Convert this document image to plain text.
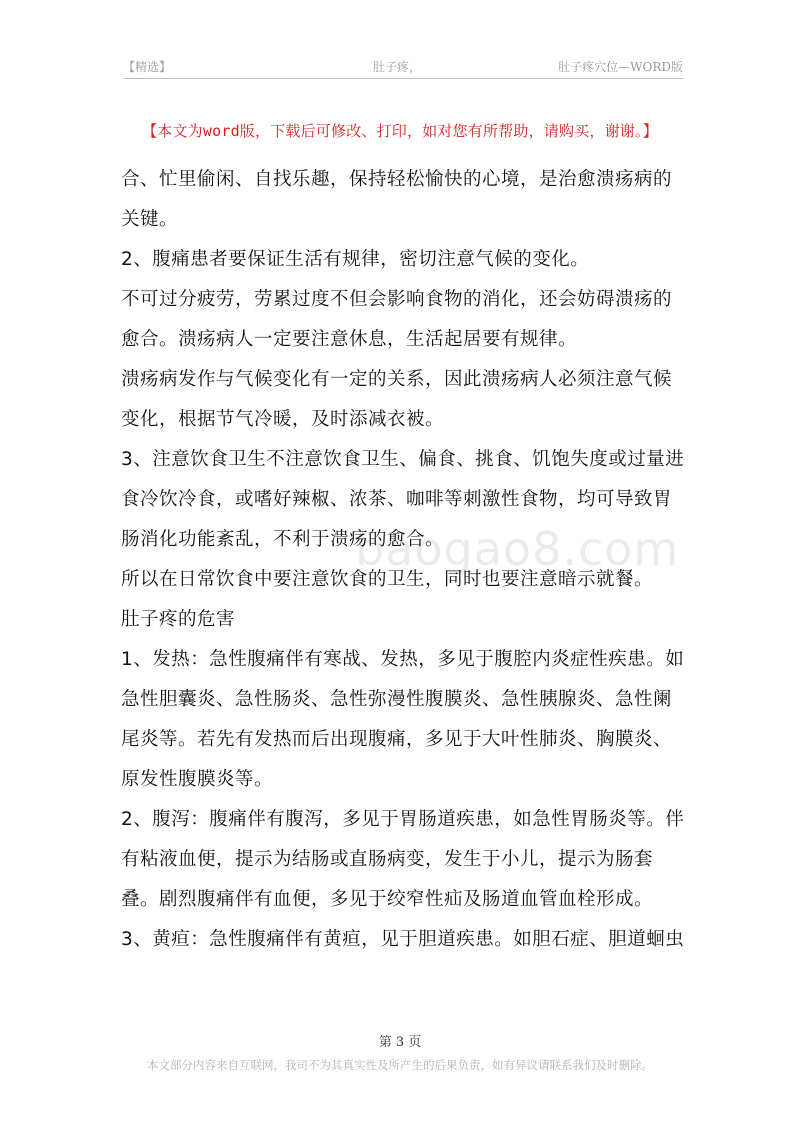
【精选】	肚子疼，	肚子疼穴位—WORD版
【本文为word版，下载后可修改、打印，如对您有所帮助，请购买，谢谢。】

合、忙里偷闲、自找乐趣，保持轻松愉快的心境，是治愈溃疡病的关键。

2、腹痛患者要保证生活有规律，密切注意气候的变化。

不可过分疲劳，劳累过度不但会影响食物的消化，还会妨碍溃疡的愈合。溃疡病人一定要注意休息，生活起居要有规律。

溃疡病发作与气候变化有一定的关系，因此溃疡病人必须注意气候变化，根据节气冷暖，及时添减衣被。

3、注意饮食卫生不注意饮食卫生、偏食、挑食、饥饱失度或过量进食冷饮冷食，或嗜好辣椒、浓茶、咖啡等刺激性食物，均可导致胃肠消化功能紊乱，不利于溃疡的愈合。

所以在日常饮食中要注意饮食的卫生，同时也要注意暗示就餐。

肚子疼的危害

1、发热：急性腹痛伴有寒战、发热，多见于腹腔内炎症性疾患。如急性胆囊炎、急性肠炎、急性弥漫性腹膜炎、急性胰腺炎、急性阑尾炎等。若先有发热而后出现腹痛，多见于大叶性肺炎、胸膜炎、原发性腹膜炎等。

2、腹泻：腹痛伴有腹泻，多见于胃肠道疾患，如急性胃肠炎等。伴有粘液血便，提示为结肠或直肠病变，发生于小儿，提示为肠套叠。剧烈腹痛伴有血便，多见于绞窄性疝及肠道血管血栓形成。

3、黄疸：急性腹痛伴有黄疸，见于胆道疾患。如胆石症、胆道蛔虫

baogao8.com
第 3 页
本文部分内容来自互联网，我司不为其真实性及所产生的后果负责，如有异议请联系我们及时删除。
